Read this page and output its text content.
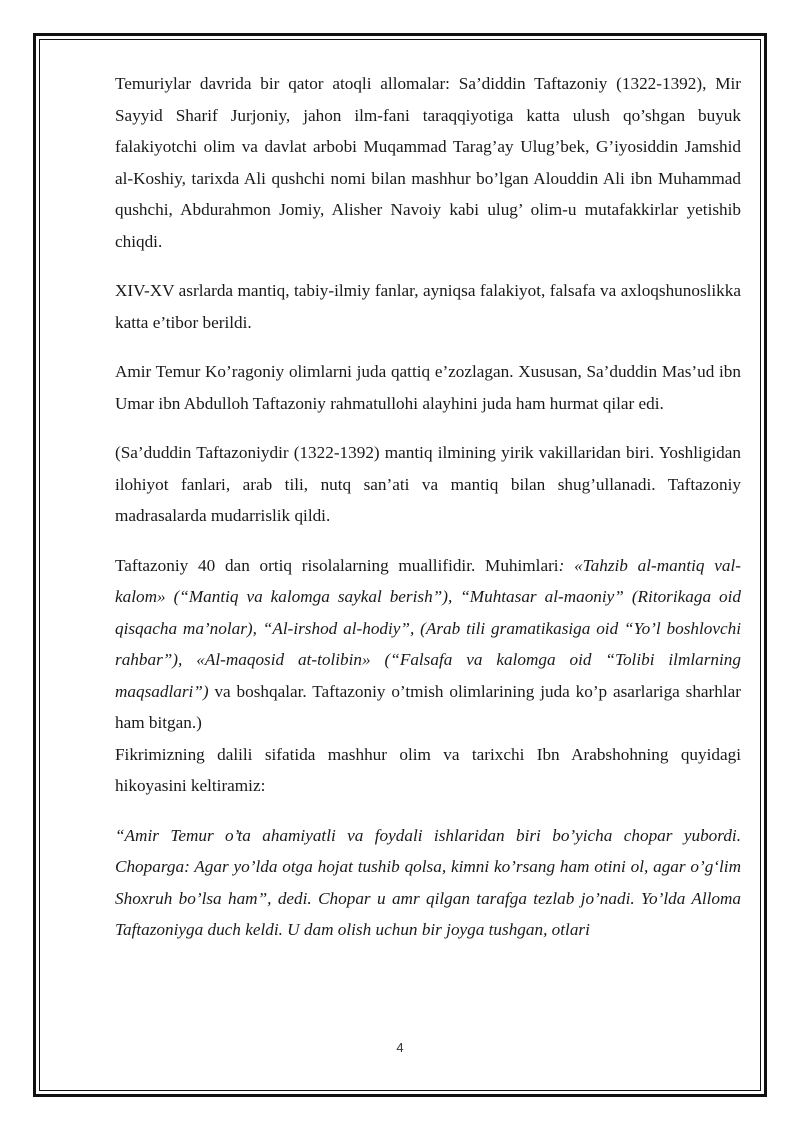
Temuriylar davrida bir qator atoqli allomalar: Sa’diddin Taftazoniy (1322-1392), Mir Sayyid Sharif Jurjoniy, jahon ilm-fani taraqqiyotiga katta ulush qo’shgan buyuk falakiyotchi olim va davlat arbobi Muqammad Tarag’ay Ulug’bek, G’iyosiddin Jamshid al-Koshiy, tarixda Ali qushchi nomi bilan mashhur bo’lgan Alouddin Ali ibn Muhammad qushchi, Abdurahmon Jomiy, Alisher Navoiy kabi ulug’ olim-u mutafakkirlar yetishib chiqdi.

XIV-XV asrlarda mantiq, tabiy-ilmiy fanlar, ayniqsa falakiyot, falsafa va axloqshunoslikka katta e’tibor berildi.

Amir Temur Ko’ragoniy olimlarni juda qattiq e’zozlagan. Xususan, Sa’duddin Mas’ud ibn Umar ibn Abdulloh Taftazoniy rahmatullohi alayhini juda ham hurmat qilar edi.

(Sa’duddin Taftazoniydir (1322-1392) mantiq ilmining yirik vakillaridan biri. Yoshligidan ilohiyot fanlari, arab tili, nutq san’ati va mantiq bilan shug’ullanadi. Taftazoniy madrasalarda mudarrislik qildi.

Taftazoniy 40 dan ortiq risolalarning muallifidir. Muhimlari: «Tahzib al-mantiq val-kalom» (“Mantiq va kalomga saykal berish”), “Muhtasar al-maoniy” (Ritorikaga oid qisqacha ma’nolar), “Al-irshod al-hodiy”, (Arab tili gramatikasiga oid “Yo’l boshlovchi rahbar”), «Al-maqosid at-tolibin» (“Falsafa va kalomga oid “Tolibi ilmlarning maqsadlari”) va boshqalar. Taftazoniy o’tmish olimlarining juda ko’p asarlariga sharhlar ham bitgan.)

Fikrimizning dalili sifatida mashhur olim va tarixchi Ibn Arabshohning quyidagi hikoyasini keltiramiz:

“Amir Temur o’ta ahamiyatli va foydali ishlaridan biri bo’yicha chopar yubordi. Choparga: Agar yo’lda otga hojat tushib qolsa, kimni ko’rsang ham otini ol, agar o’g‘lim Shoxruh bo’lsa ham”, dedi. Chopar u amr qilgan tarafga tezlab jo’nadi. Yo’lda Alloma Taftazoniyga duch keldi. U dam olish uchun bir joyga tushgan, otlari

4
